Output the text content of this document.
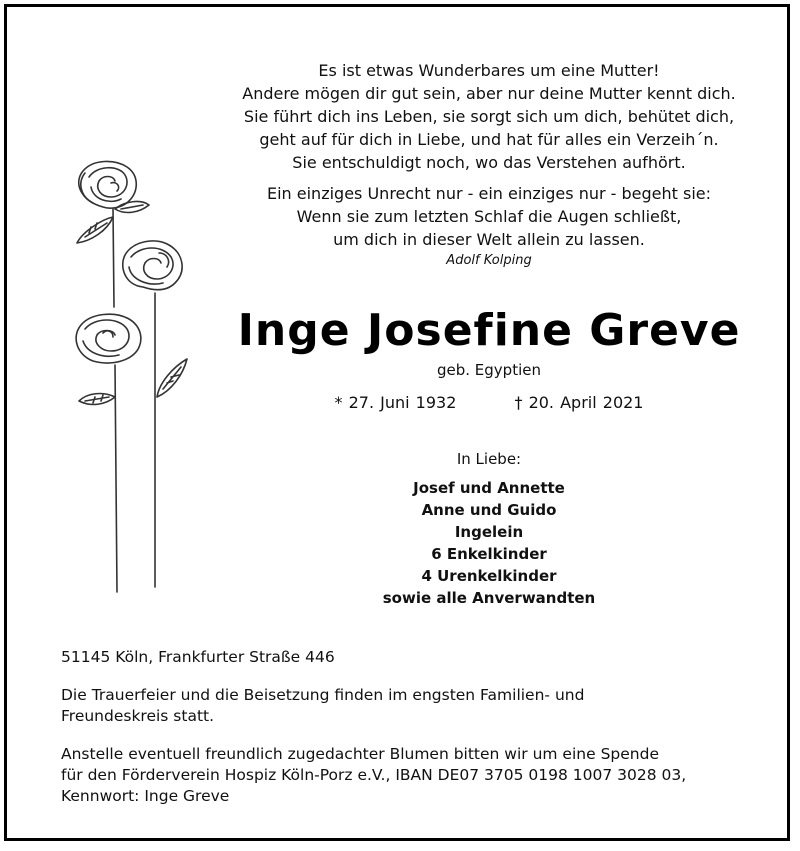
Es ist etwas Wunderbares um eine Mutter!
Andere mögen dir gut sein, aber nur deine Mutter kennt dich.
Sie führt dich ins Leben, sie sorgt sich um dich, behütet dich,
geht auf für dich in Liebe, und hat für alles ein Verzeih´n.
Sie entschuldigt noch, wo das Verstehen aufhört.
Ein einziges Unrecht nur - ein einziges nur - begeht sie:
Wenn sie zum letzten Schlaf die Augen schließt,
um dich in dieser Welt allein zu lassen.
Adolf Kolping
Inge Josefine Greve
geb. Egyptien
* 27. Juni 1932	† 20. April 2021
In Liebe:
Josef und Annette
Anne und Guido
Ingelein
6 Enkelkinder
4 Urenkelkinder
sowie alle Anverwandten

51145 Köln, Frankfurter Straße 446

Die Trauerfeier und die Beisetzung finden im engsten Familien- und
Freundeskreis statt.

Anstelle eventuell freundlich zugedachter Blumen bitten wir um eine Spende
für den Förderverein Hospiz Köln-Porz e.V., IBAN DE07 3705 0198 1007 3028 03,
Kennwort: Inge Greve
